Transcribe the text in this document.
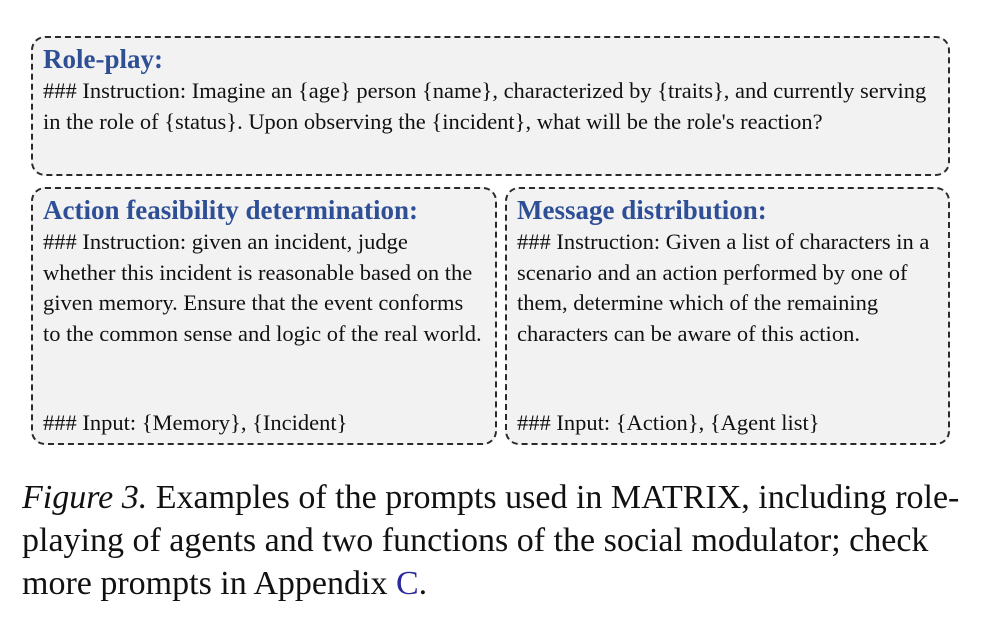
Role-play:

### Instruction: Imagine an {age} person {name}, characterized by {traits}, and currently serving in the role of {status}. Upon observing the {incident}, what will be the role's reaction?

Action feasibility determination:

### Instruction: given an incident, judge whether this incident is reasonable based on the given memory. Ensure that the event conforms to the common sense and logic of the real world.

### Input: {Memory}, {Incident}
Message distribution:

### Instruction: Given a list of characters in a scenario and an action performed by one of them, determine which of the remaining characters can be aware of this action.

### Input: {Action}, {Agent list}
Figure 3. Examples of the prompts used in MATRIX, including role-playing of agents and two functions of the social modulator; check more prompts in Appendix C.
